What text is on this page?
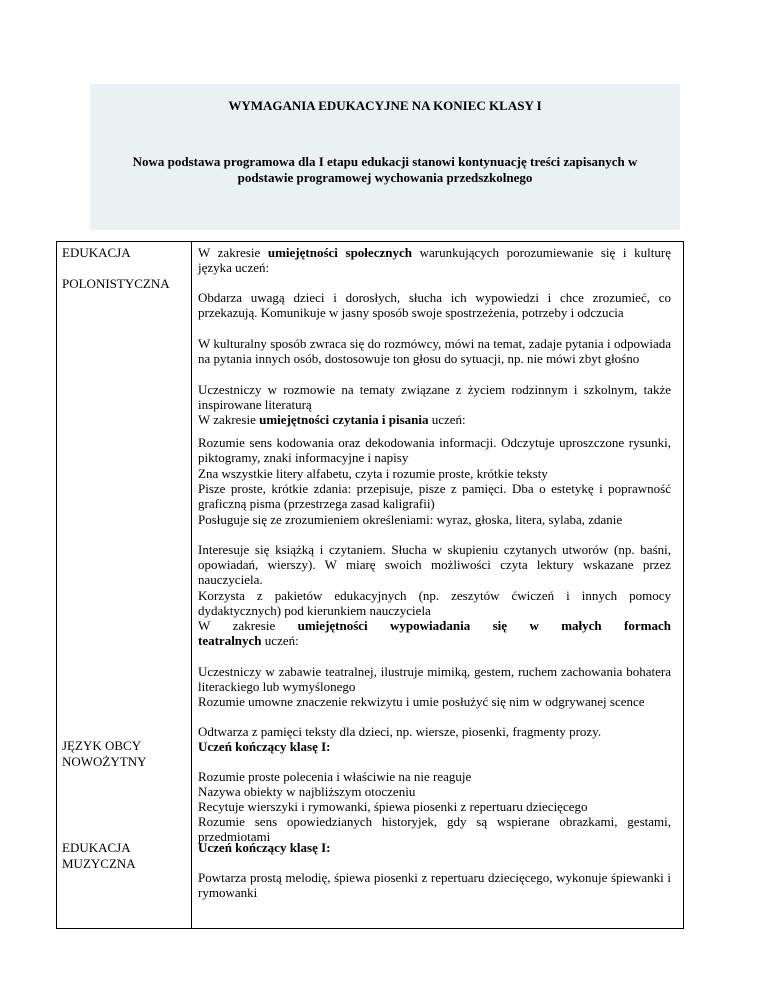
WYMAGANIA EDUKACYJNE NA KONIEC KLASY I
Nowa podstawa programowa dla I etapu edukacji stanowi kontynuację treści zapisanych w podstawie programowej wychowania przedszkolnego
EDUKACJA
POLONISTYCZNA
JĘZYK OBCY
NOWOŻYTNY
EDUKACJA
MUZYCZNA
W zakresie umiejętności społecznych warunkujących porozumiewanie się i kulturę języka uczeń:
Obdarza uwagą dzieci i dorosłych, słucha ich wypowiedzi i chce zrozumieć, co przekazują. Komunikuje w jasny sposób swoje spostrzeżenia, potrzeby i odczucia
W kulturalny sposób zwraca się do rozmówcy, mówi na temat, zadaje pytania i odpowiada na pytania innych osób, dostosowuje ton głosu do sytuacji, np. nie mówi zbyt głośno
Uczestniczy w rozmowie na tematy związane z życiem rodzinnym i szkolnym, także inspirowane literaturą
W zakresie umiejętności czytania i pisania uczeń:
Rozumie sens kodowania oraz dekodowania informacji. Odczytuje uproszczone rysunki, piktogramy, znaki informacyjne i napisy
Zna wszystkie litery alfabetu, czyta i rozumie proste, krótkie teksty
Pisze proste, krótkie zdania: przepisuje, pisze z pamięci. Dba o estetykę i poprawność graficzną pisma (przestrzega zasad kaligrafii)
Posługuje się ze zrozumieniem określeniami: wyraz, głoska, litera, sylaba, zdanie
Interesuje się książką i czytaniem. Słucha w skupieniu czytanych utworów (np. baśni, opowiadań, wierszy). W miarę swoich możliwości czyta lektury wskazane przez nauczyciela.
Korzysta z pakietów edukacyjnych (np. zeszytów ćwiczeń i innych pomocy dydaktycznych) pod kierunkiem nauczyciela
W zakresie umiejętności wypowiadania się w małych formach
teatralnych uczeń:
Uczestniczy w zabawie teatralnej, ilustruje mimiką, gestem, ruchem zachowania bohatera literackiego lub wymyślonego
Rozumie umowne znaczenie rekwizytu i umie posłużyć się nim w odgrywanej scence
Odtwarza z pamięci teksty dla dzieci, np. wiersze, piosenki, fragmenty prozy.
Uczeń kończący klasę I:
Rozumie proste polecenia i właściwie na nie reaguje
Nazywa obiekty w najbliższym otoczeniu
Recytuje wierszyki i rymowanki, śpiewa piosenki z repertuaru dziecięcego
Rozumie sens opowiedzianych historyjek, gdy są wspierane obrazkami, gestami, przedmiotami
Uczeń kończący klasę I:
Powtarza prostą melodię, śpiewa piosenki z repertuaru dziecięcego, wykonuje śpiewanki i rymowanki
